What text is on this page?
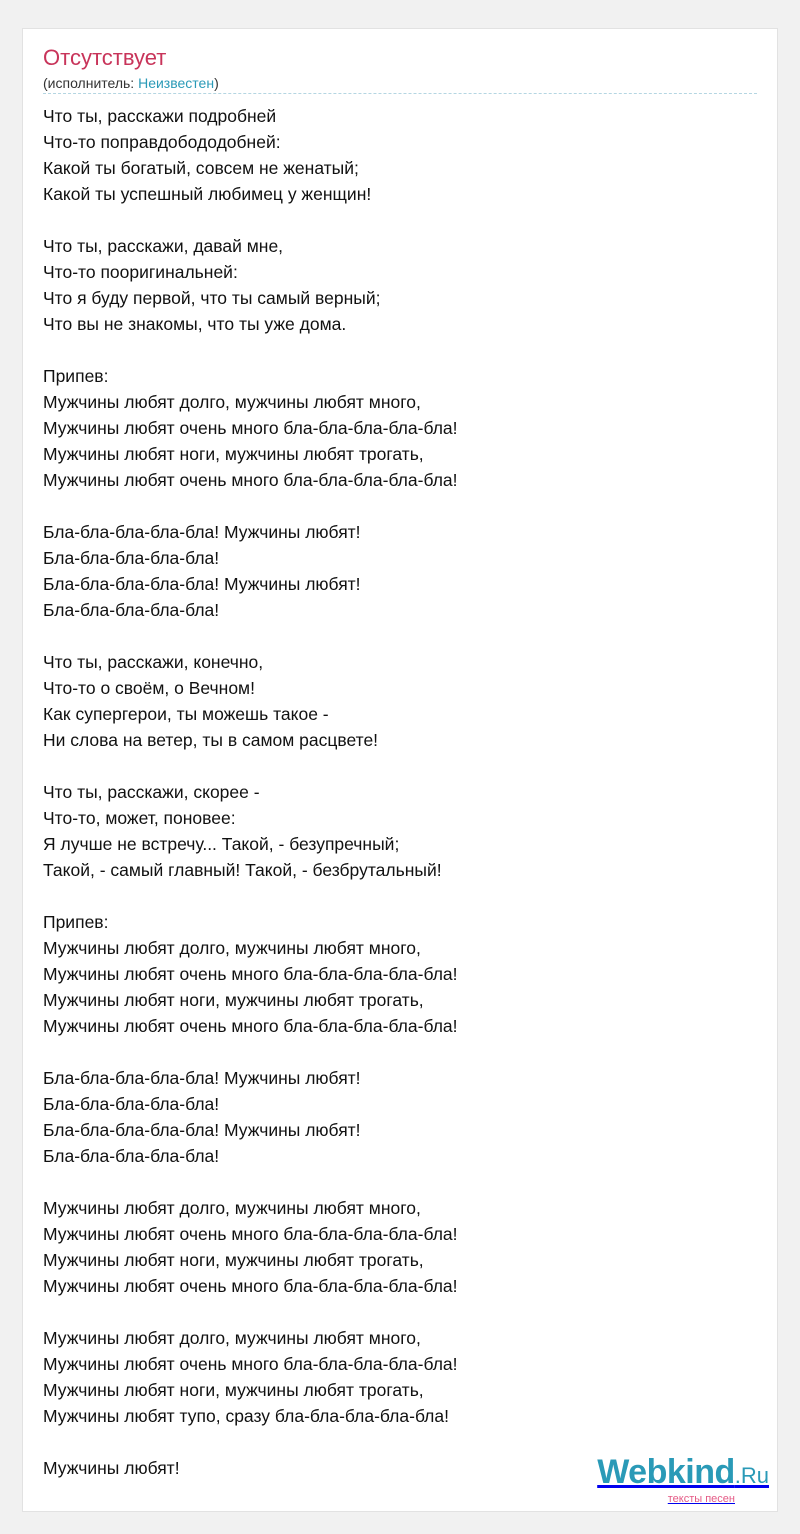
Отсутствует
(исполнитель: Неизвестен)
Что ты, расскажи подробней
Что-то поправдобододобней:
Какой ты богатый, совсем не женатый;
Какой ты успешный любимец у женщин!
Что ты, расскажи, давай мне,
Что-то пооригинальней:
Что я буду первой, что ты самый верный;
Что вы не знакомы, что ты уже дома.
Припев:
Мужчины любят долго, мужчины любят много,
Мужчины любят очень много бла-бла-бла-бла-бла!
Мужчины любят ноги, мужчины любят трогать,
Мужчины любят очень много бла-бла-бла-бла-бла!
Бла-бла-бла-бла-бла! Мужчины любят!
Бла-бла-бла-бла-бла!
Бла-бла-бла-бла-бла! Мужчины любят!
Бла-бла-бла-бла-бла!
Что ты, расскажи, конечно,
Что-то о своём, о Вечном!
Как супергерои, ты можешь такое -
Ни слова на ветер, ты в самом расцвете!
Что ты, расскажи, скорее -
Что-то, может, поновее:
Я лучше не встречу... Такой, - безупречный;
Такой, - самый главный! Такой, - безбрутальный!
Припев:
Мужчины любят долго, мужчины любят много,
Мужчины любят очень много бла-бла-бла-бла-бла!
Мужчины любят ноги, мужчины любят трогать,
Мужчины любят очень много бла-бла-бла-бла-бла!
Бла-бла-бла-бла-бла! Мужчины любят!
Бла-бла-бла-бла-бла!
Бла-бла-бла-бла-бла! Мужчины любят!
Бла-бла-бла-бла-бла!
Мужчины любят долго, мужчины любят много,
Мужчины любят очень много бла-бла-бла-бла-бла!
Мужчины любят ноги, мужчины любят трогать,
Мужчины любят очень много бла-бла-бла-бла-бла!
Мужчины любят долго, мужчины любят много,
Мужчины любят очень много бла-бла-бла-бла-бла!
Мужчины любят ноги, мужчины любят трогать,
Мужчины любят тупо, сразу бла-бла-бла-бла-бла!
Мужчины любят!	Webkind.Ru
тексты песен
